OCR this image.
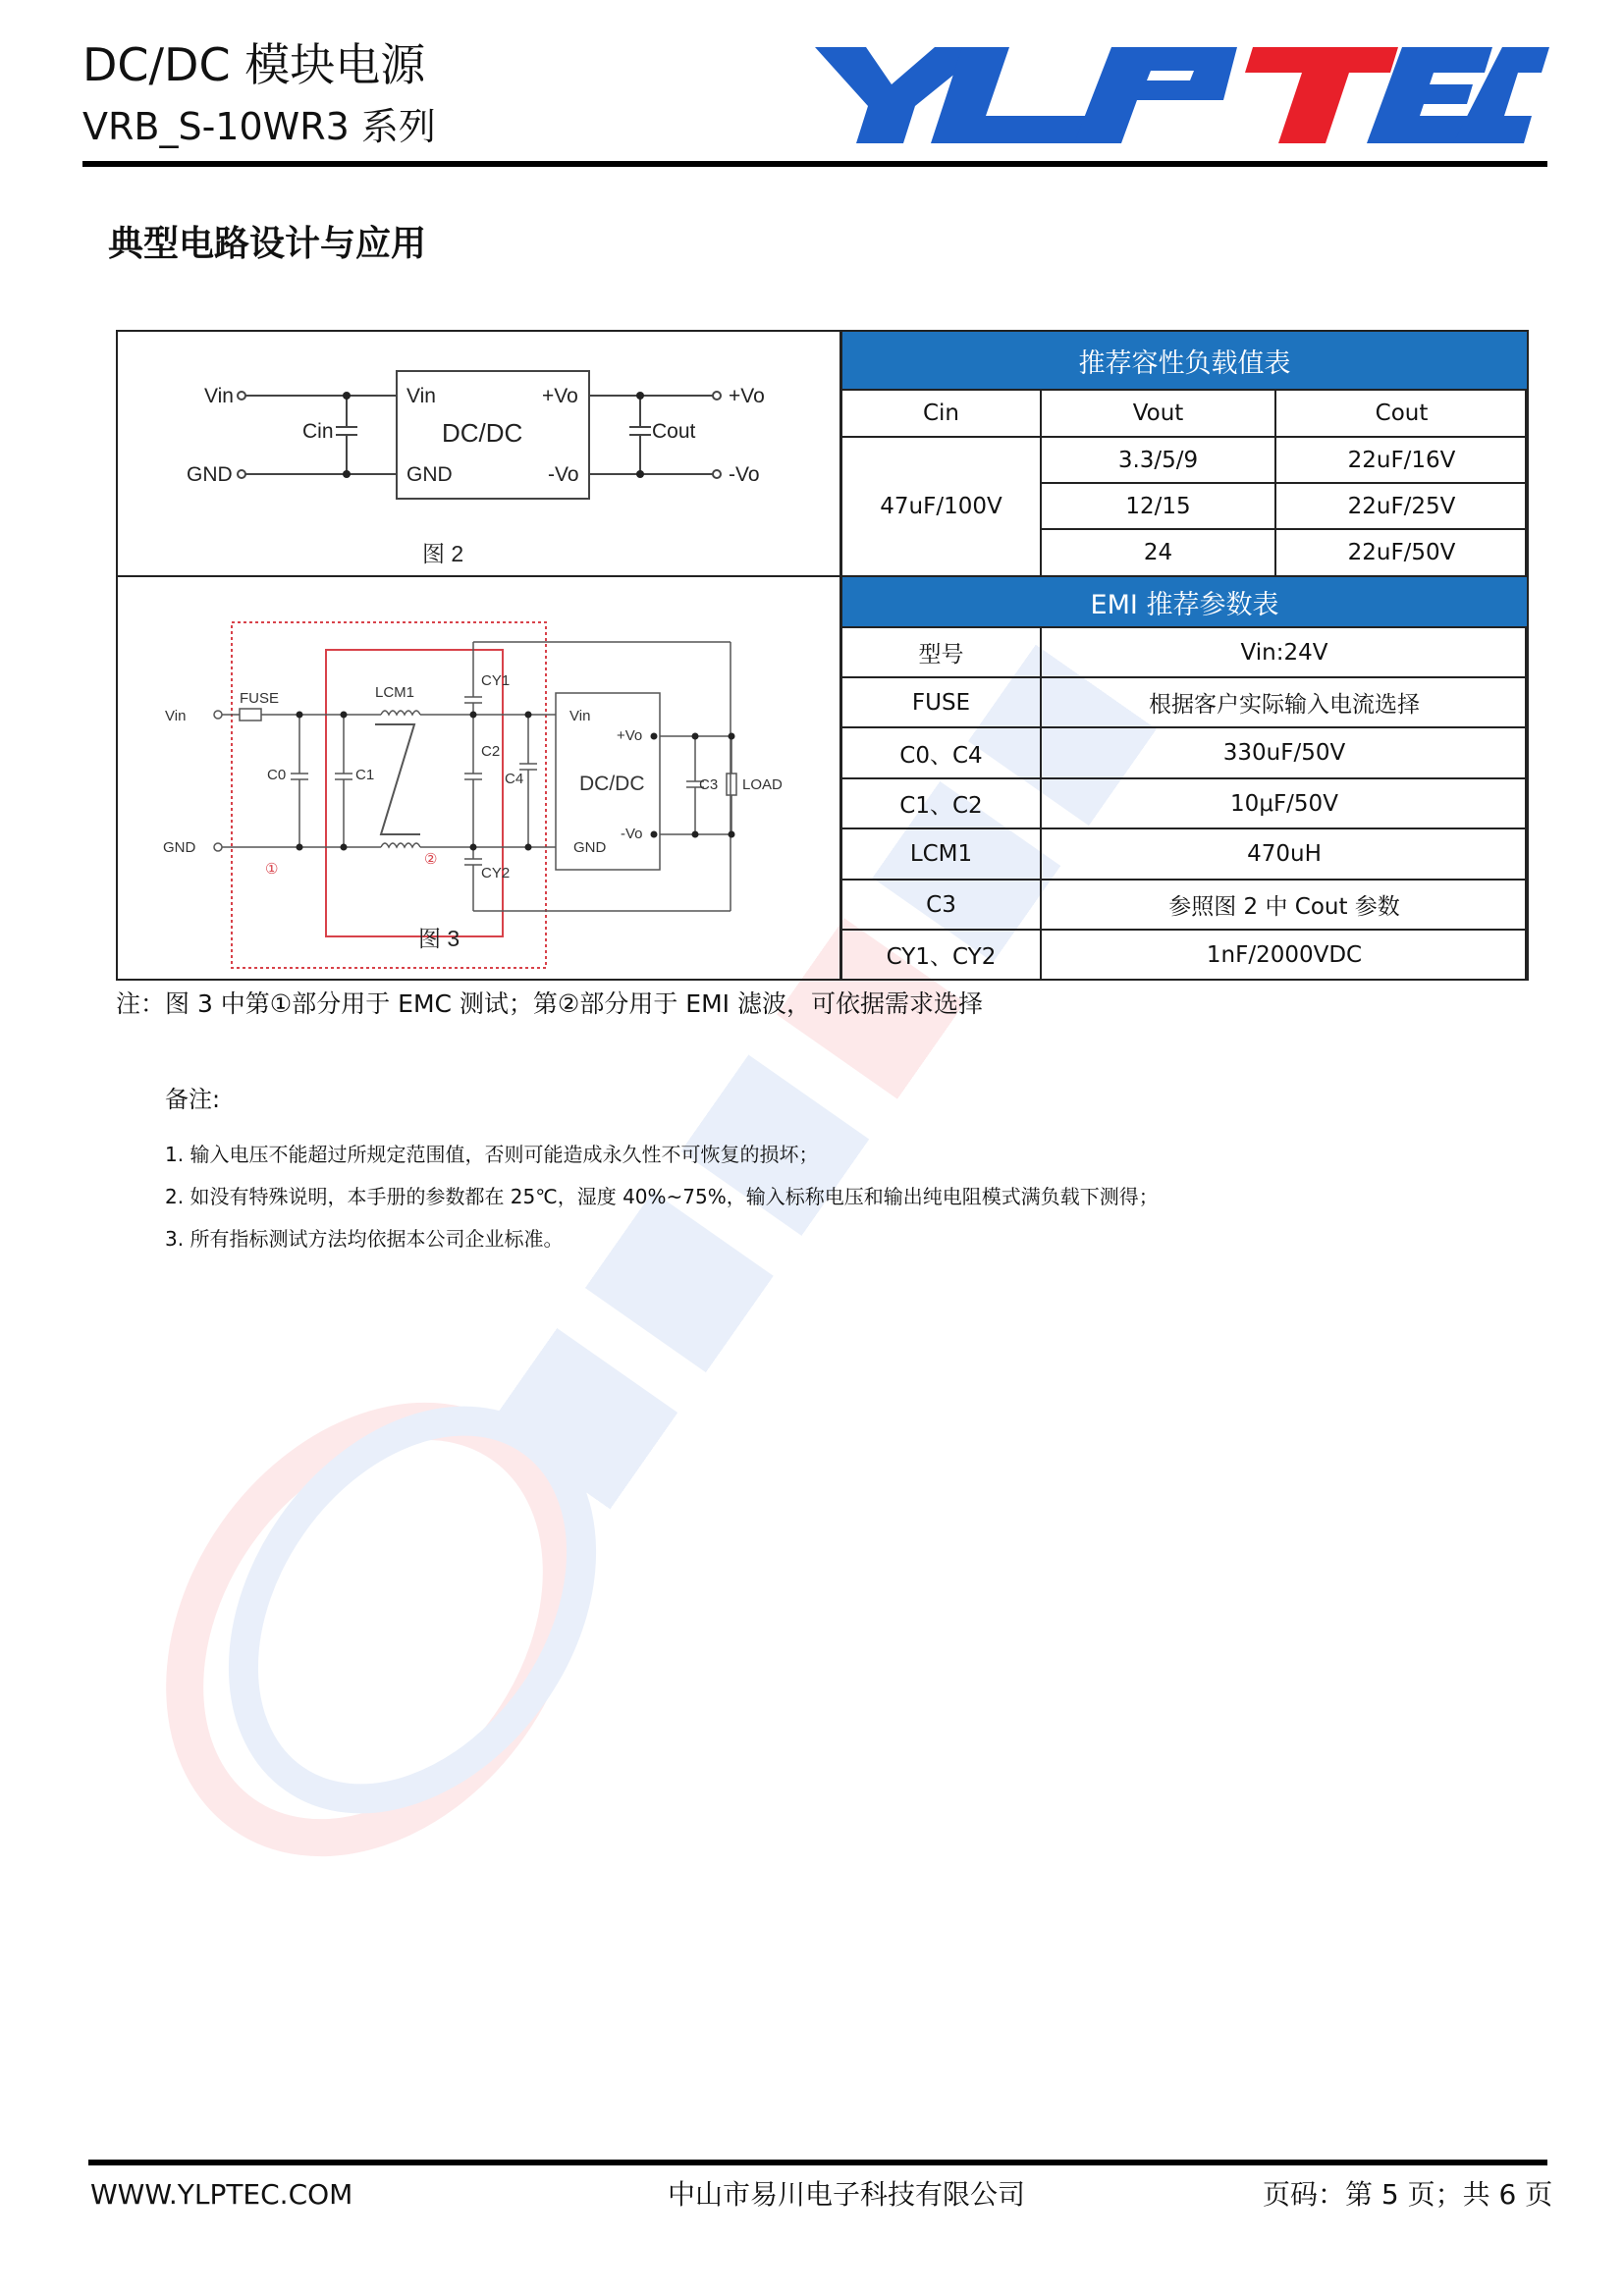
DC/DC 模块电源
VRB_S-10WR3 系列
典型电路设计与应用
Vin
GND
Cin
Vin
GND
+Vo
-Vo
DC/DC	Cout
+Vo
-Vo
图 2
Vin
GND
FUSE	LCM1
C0	C1
C2
C4
CY1
CY2
Vin
GND
+Vo
-Vo
DC/DC	C3 LOAD
①
②
图 3
推荐容性负载值表		
Cin	Vout	Cout
47uF/100V	3.3/5/9	22uF/16V
	12/15	22uF/25V
	24	22uF/50V
EMI 推荐参数表	
型号	Vin:24V
FUSE	根据客户实际输入电流选择
C0、C4	330uF/50V
C1、C2	10μF/50V
LCM1	470uH
C3	参照图 2 中 Cout 参数
CY1、CY2	1nF/2000VDC
注：图 3 中第①部分用于 EMC 测试；第②部分用于 EMI 滤波，可依据需求选择
备注:
1. 输入电压不能超过所规定范围值，否则可能造成永久性不可恢复的损坏；
2. 如没有特殊说明，本手册的参数都在 25℃，湿度 40%~75%，输入标称电压和输出纯电阻模式满负载下测得；
3. 所有指标测试方法均依据本公司企业标准。
WWW.YLPTEC.COM	中山市易川电子科技有限公司	页码：第 5 页；共 6 页
